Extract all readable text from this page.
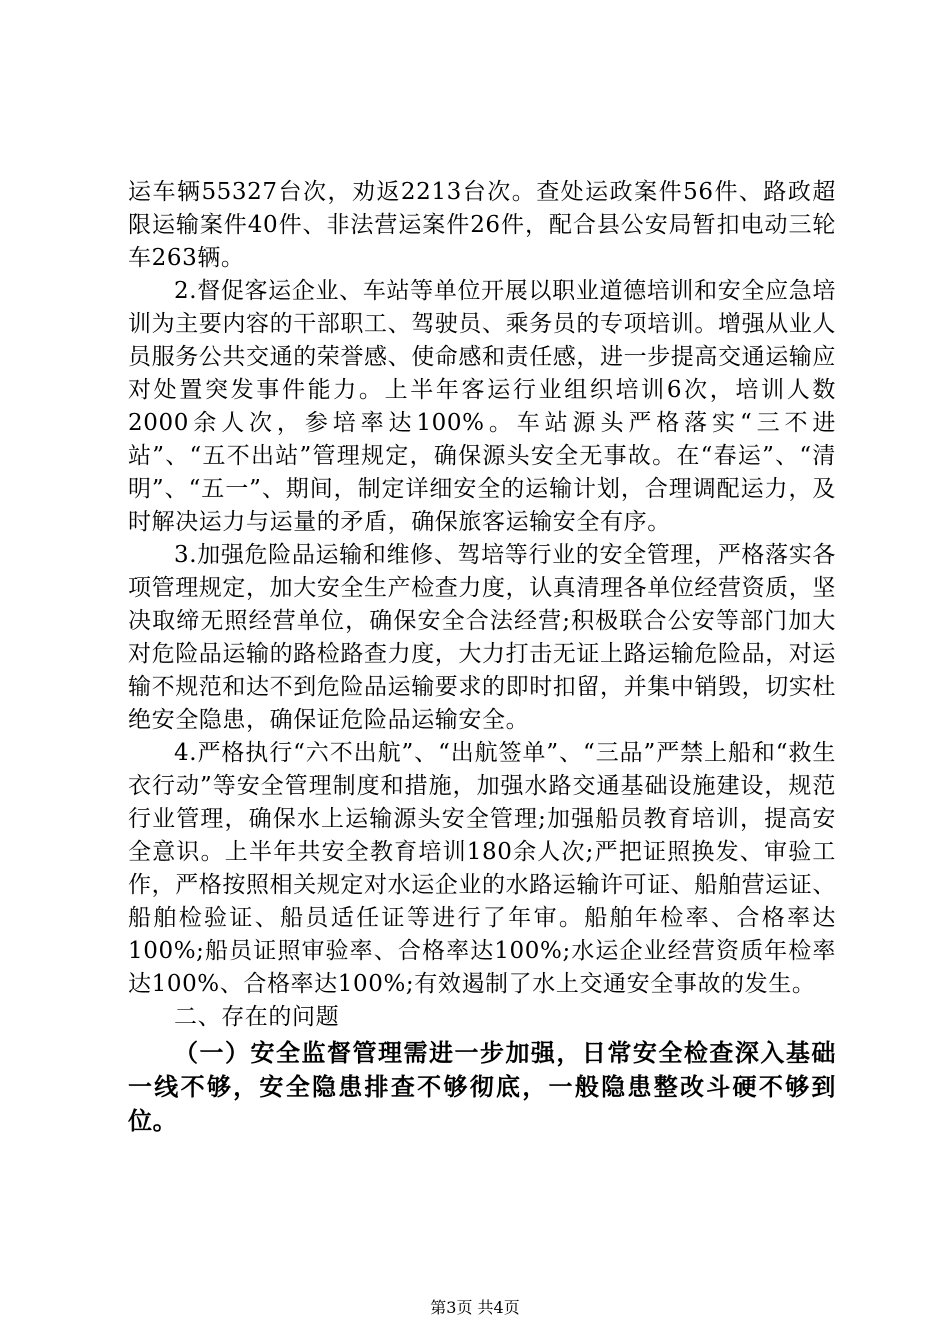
运车辆55327台次，劝返2213台次。查处运政案件56件、路政超限运输案件40件、非法营运案件26件，配合县公安局暂扣电动三轮车263辆。

2.督促客运企业、车站等单位开展以职业道德培训和安全应急培训为主要内容的干部职工、驾驶员、乘务员的专项培训。增强从业人员服务公共交通的荣誉感、使命感和责任感，进一步提高交通运输应对处置突发事件能力。上半年客运行业组织培训6次，培训人数2000余人次，参培率达100%。车站源头严格落实“三不进站”、“五不出站”管理规定，确保源头安全无事故。在“春运”、“清明”、“五一”、期间，制定详细安全的运输计划，合理调配运力，及时解决运力与运量的矛盾，确保旅客运输安全有序。

3.加强危险品运输和维修、驾培等行业的安全管理，严格落实各项管理规定，加大安全生产检查力度，认真清理各单位经营资质，坚决取缔无照经营单位，确保安全合法经营;积极联合公安等部门加大对危险品运输的路检路查力度，大力打击无证上路运输危险品，对运输不规范和达不到危险品运输要求的即时扣留，并集中销毁，切实杜绝安全隐患，确保证危险品运输安全。

4.严格执行“六不出航”、“出航签单”、“三品”严禁上船和“救生衣行动”等安全管理制度和措施，加强水路交通基础设施建设，规范行业管理，确保水上运输源头安全管理;加强船员教育培训，提高安全意识。上半年共安全教育培训180余人次;严把证照换发、审验工作，严格按照相关规定对水运企业的水路运输许可证、船舶营运证、船舶检验证、船员适任证等进行了年审。船舶年检率、合格率达100%;船员证照审验率、合格率达100%;水运企业经营资质年检率达100%、合格率达100%;有效遏制了水上交通安全事故的发生。

二、存在的问题

（一）安全监督管理需进一步加强，日常安全检查深入基础一线不够，安全隐患排查不够彻底，一般隐患整改斗硬不够到位。

第3页 共4页
